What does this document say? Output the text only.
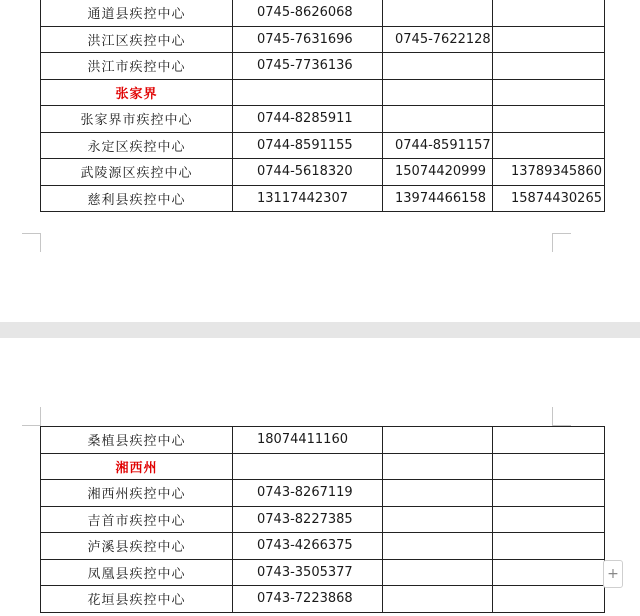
通道县疾控中心	0745-8626068		
洪江区疾控中心	0745-7631696	0745-7622128	
洪江市疾控中心	0745-7736136		
张家界			
张家界市疾控中心	0744-8285911		
永定区疾控中心	0744-8591155	0744-8591157	
武陵源区疾控中心	0744-5618320	15074420999	13789345860
慈利县疾控中心	13117442307	13974466158	15874430265
桑植县疾控中心	18074411160		
湘西州			
湘西州疾控中心	0743-8267119		
吉首市疾控中心	0743-8227385		
泸溪县疾控中心	0743-4266375		
凤凰县疾控中心	0743-3505377		
花垣县疾控中心	0743-7223868		
+
